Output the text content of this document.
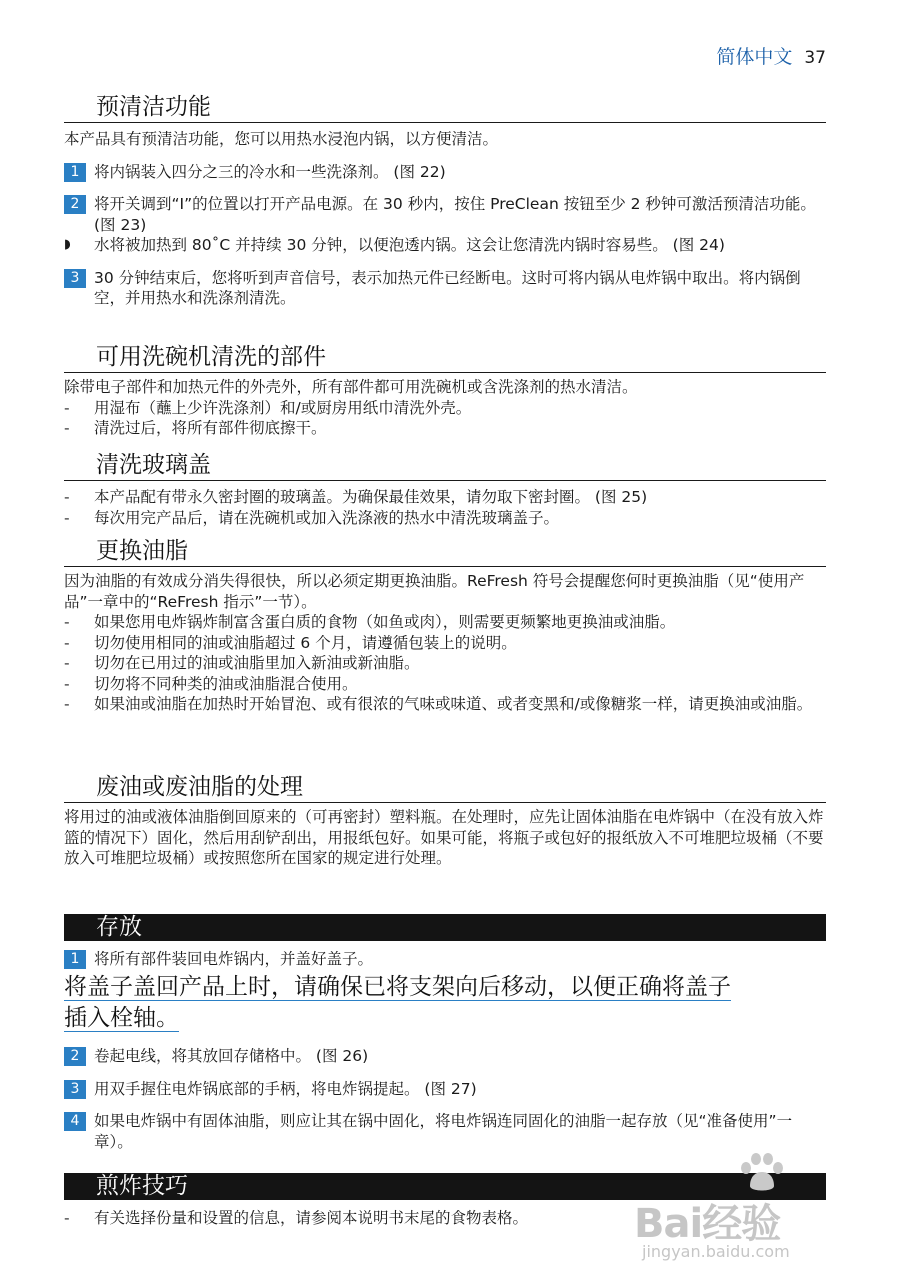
简体中文 37
预清洁功能
本产品具有预清洁功能，您可以用热水浸泡内锅，以方便清洁。
1 将内锅装入四分之三的冷水和一些洗涤剂。 (图 22)
2 将开关调到“I”的位置以打开产品电源。在 30 秒内，按住 PreClean 按钮至少 2 秒钟可激活预清洁功能。 (图 23)
◗	水将被加热到 80˚C 并持续 30 分钟，以便泡透内锅。这会让您清洗内锅时容易些。 (图 24)
3 30 分钟结束后，您将听到声音信号，表示加热元件已经断电。这时可将内锅从电炸锅中取出。将内锅倒空，并用热水和洗涤剂清洗。
可用洗碗机清洗的部件
除带电子部件和加热元件的外壳外，所有部件都可用洗碗机或含洗涤剂的热水清洁。
-	用湿布（蘸上少许洗涤剂）和/或厨房用纸巾清洗外壳。
-	清洗过后，将所有部件彻底擦干。
清洗玻璃盖
-	本产品配有带永久密封圈的玻璃盖。为确保最佳效果，请勿取下密封圈。 (图 25)
-	每次用完产品后，请在洗碗机或加入洗涤液的热水中清洗玻璃盖子。
更换油脂
因为油脂的有效成分消失得很快，所以必须定期更换油脂。ReFresh 符号会提醒您何时更换油脂（见“使用产品”一章中的“ReFresh 指示”一节）。
-	如果您用电炸锅炸制富含蛋白质的食物（如鱼或肉），则需要更频繁地更换油或油脂。
-	切勿使用相同的油或油脂超过 6 个月，请遵循包装上的说明。
-	切勿在已用过的油或油脂里加入新油或新油脂。
-	切勿将不同种类的油或油脂混合使用。
-	如果油或油脂在加热时开始冒泡、或有很浓的气味或味道、或者变黑和/或像糖浆一样，请更换油或油脂。
废油或废油脂的处理
将用过的油或液体油脂倒回原来的（可再密封）塑料瓶。在处理时，应先让固体油脂在电炸锅中（在没有放入炸篮的情况下）固化，然后用刮铲刮出，用报纸包好。如果可能，将瓶子或包好的报纸放入不可堆肥垃圾桶（不要放入可堆肥垃圾桶）或按照您所在国家的规定进行处理。
存放
1 将所有部件装回电炸锅内，并盖好盖子。
将盖子盖回产品上时，请确保已将支架向后移动，以便正确将盖子
插入栓轴。
2 卷起电线，将其放回存储格中。 (图 26)
3 用双手握住电炸锅底部的手柄，将电炸锅提起。 (图 27)
4 如果电炸锅中有固体油脂，则应让其在锅中固化，将电炸锅连同固化的油脂一起存放（见“准备使用”一章）。
煎炸技巧
-	有关选择份量和设置的信息，请参阅本说明书末尾的食物表格。	Bai经验
jingyan.baidu.com
